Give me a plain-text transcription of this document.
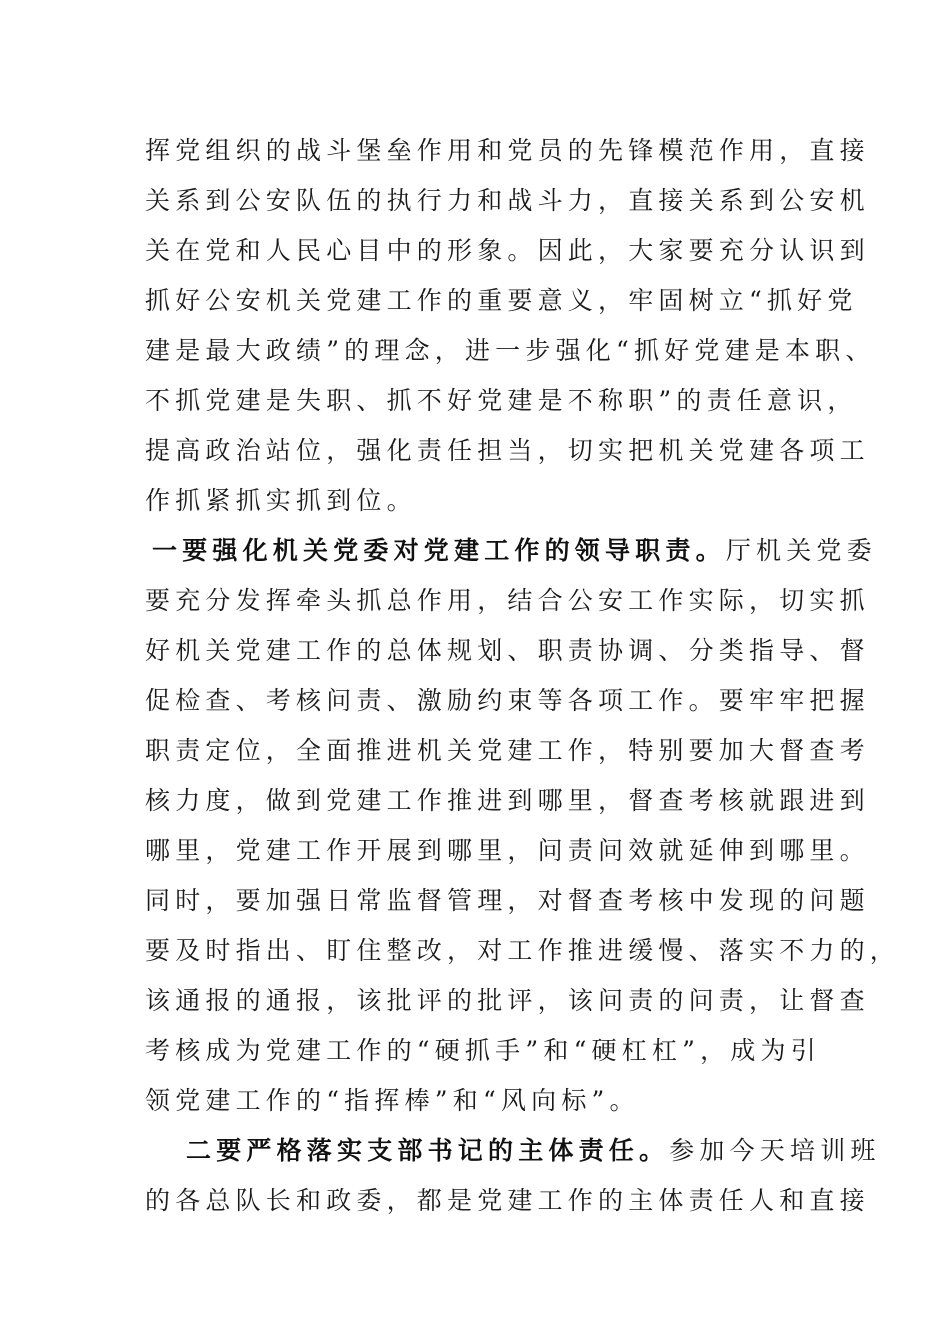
挥党组织的战斗堡垒作用和党员的先锋模范作用，直接
关系到公安队伍的执行力和战斗力，直接关系到公安机
关在党和人民心目中的形象。因此，大家要充分认识到
抓好公安机关党建工作的重要意义，牢固树立“抓好党
建是最大政绩”的理念，进一步强化“抓好党建是本职、
不抓党建是失职、抓不好党建是不称职”的责任意识，
提高政治站位，强化责任担当，切实把机关党建各项工
作抓紧抓实抓到位。
一要强化机关党委对党建工作的领导职责。厅机关党委
要充分发挥牵头抓总作用，结合公安工作实际，切实抓
好机关党建工作的总体规划、职责协调、分类指导、督
促检查、考核问责、激励约束等各项工作。要牢牢把握
职责定位，全面推进机关党建工作，特别要加大督查考
核力度，做到党建工作推进到哪里，督查考核就跟进到
哪里，党建工作开展到哪里，问责问效就延伸到哪里。
同时，要加强日常监督管理，对督查考核中发现的问题
要及时指出、盯住整改，对工作推进缓慢、落实不力的，
该通报的通报，该批评的批评，该问责的问责，让督查
考核成为党建工作的“硬抓手”和“硬杠杠”，成为引
领党建工作的“指挥棒”和“风向标”。
二要严格落实支部书记的主体责任。参加今天培训班
的各总队长和政委，都是党建工作的主体责任人和直接
